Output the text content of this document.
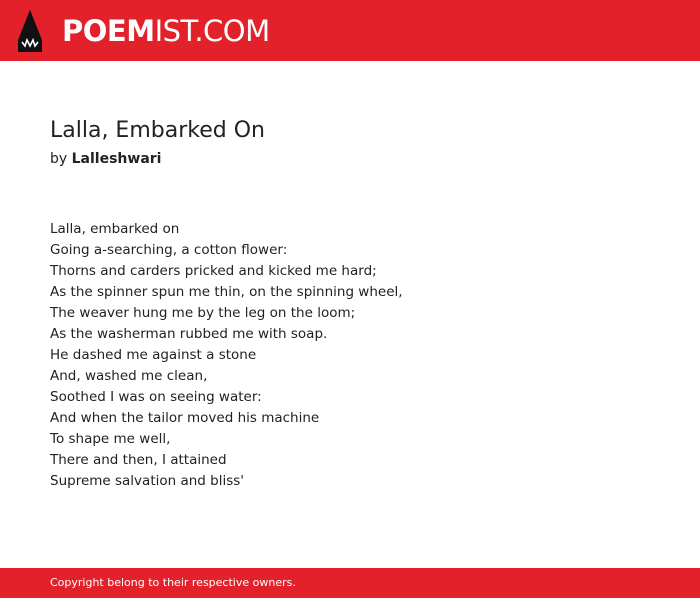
POEMIST.COM
Lalla, Embarked On
by Lalleshwari
Lalla, embarked on
Going a-searching, a cotton flower:
Thorns and carders pricked and kicked me hard;
As the spinner spun me thin, on the spinning wheel,
The weaver hung me by the leg on the loom;
As the washerman rubbed me with soap.
He dashed me against a stone
And, washed me clean,
Soothed I was on seeing water:
And when the tailor moved his machine
To shape me well,
There and then, I attained
Supreme salvation and bliss'
Copyright belong to their respective owners.
